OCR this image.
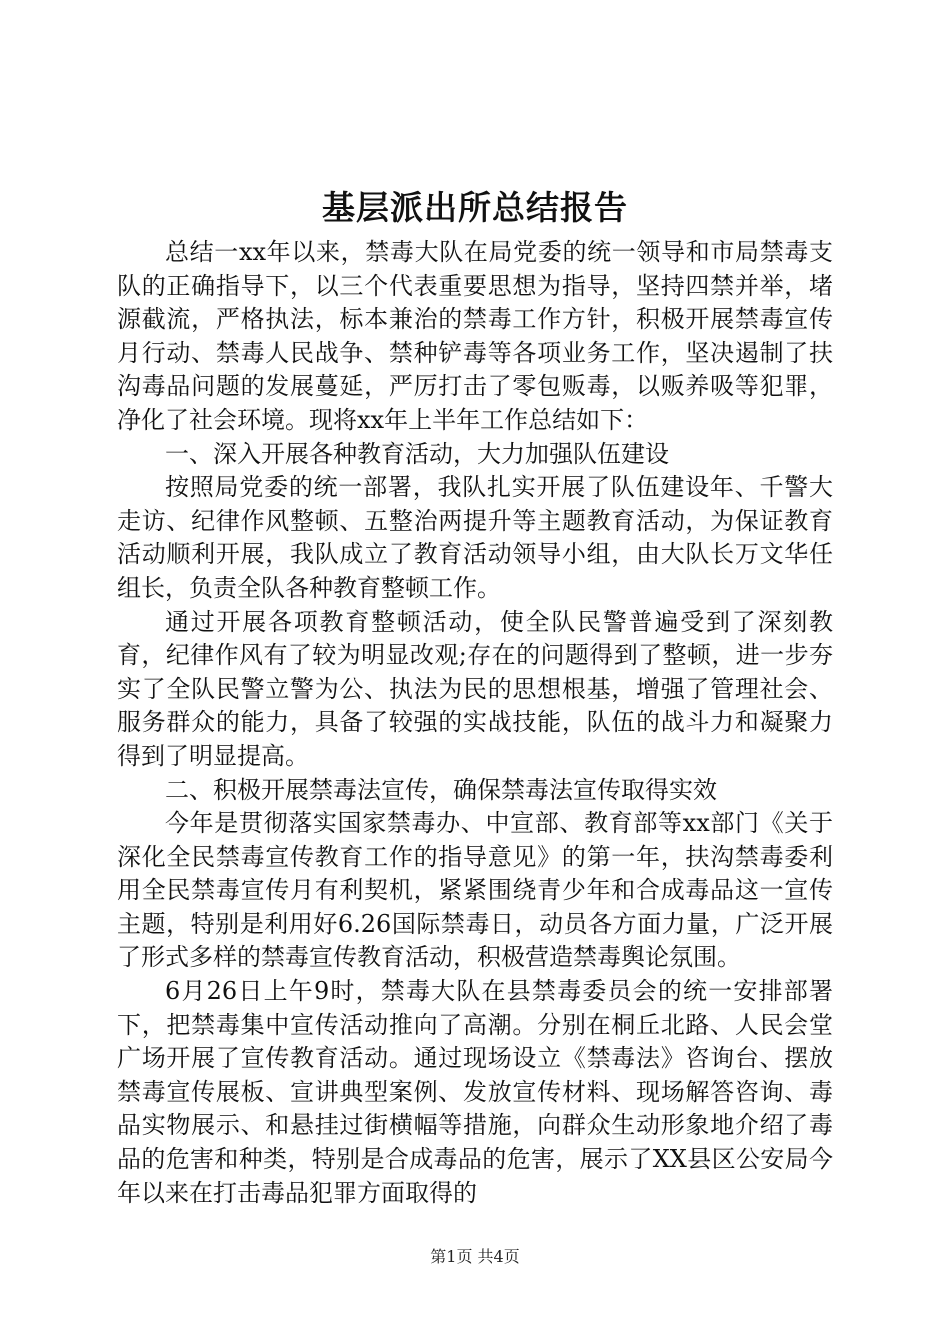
基层派出所总结报告

总结一xx年以来，禁毒大队在局党委的统一领导和市局禁毒支队的正确指导下，以三个代表重要思想为指导，坚持四禁并举，堵源截流，严格执法，标本兼治的禁毒工作方针，积极开展禁毒宣传月行动、禁毒人民战争、禁种铲毒等各项业务工作，坚决遏制了扶沟毒品问题的发展蔓延，严厉打击了零包贩毒，以贩养吸等犯罪，净化了社会环境。现将xx年上半年工作总结如下：

一、深入开展各种教育活动，大力加强队伍建设

按照局党委的统一部署，我队扎实开展了队伍建设年、千警大走访、纪律作风整顿、五整治两提升等主题教育活动，为保证教育活动顺利开展，我队成立了教育活动领导小组，由大队长万文华任组长，负责全队各种教育整顿工作。

通过开展各项教育整顿活动，使全队民警普遍受到了深刻教育，纪律作风有了较为明显改观;存在的问题得到了整顿，进一步夯实了全队民警立警为公、执法为民的思想根基，增强了管理社会、服务群众的能力，具备了较强的实战技能，队伍的战斗力和凝聚力得到了明显提高。

二、积极开展禁毒法宣传，确保禁毒法宣传取得实效

今年是贯彻落实国家禁毒办、中宣部、教育部等xx部门《关于深化全民禁毒宣传教育工作的指导意见》的第一年，扶沟禁毒委利用全民禁毒宣传月有利契机，紧紧围绕青少年和合成毒品这一宣传主题，特别是利用好6.26国际禁毒日，动员各方面力量，广泛开展了形式多样的禁毒宣传教育活动，积极营造禁毒舆论氛围。

6月26日上午9时，禁毒大队在县禁毒委员会的统一安排部署下，把禁毒集中宣传活动推向了高潮。分别在桐丘北路、人民会堂广场开展了宣传教育活动。通过现场设立《禁毒法》咨询台、摆放禁毒宣传展板、宣讲典型案例、发放宣传材料、现场解答咨询、毒品实物展示、和悬挂过街横幅等措施，向群众生动形象地介绍了毒品的危害和种类，特别是合成毒品的危害，展示了XX县区公安局今年以来在打击毒品犯罪方面取得的

第1页 共4页
